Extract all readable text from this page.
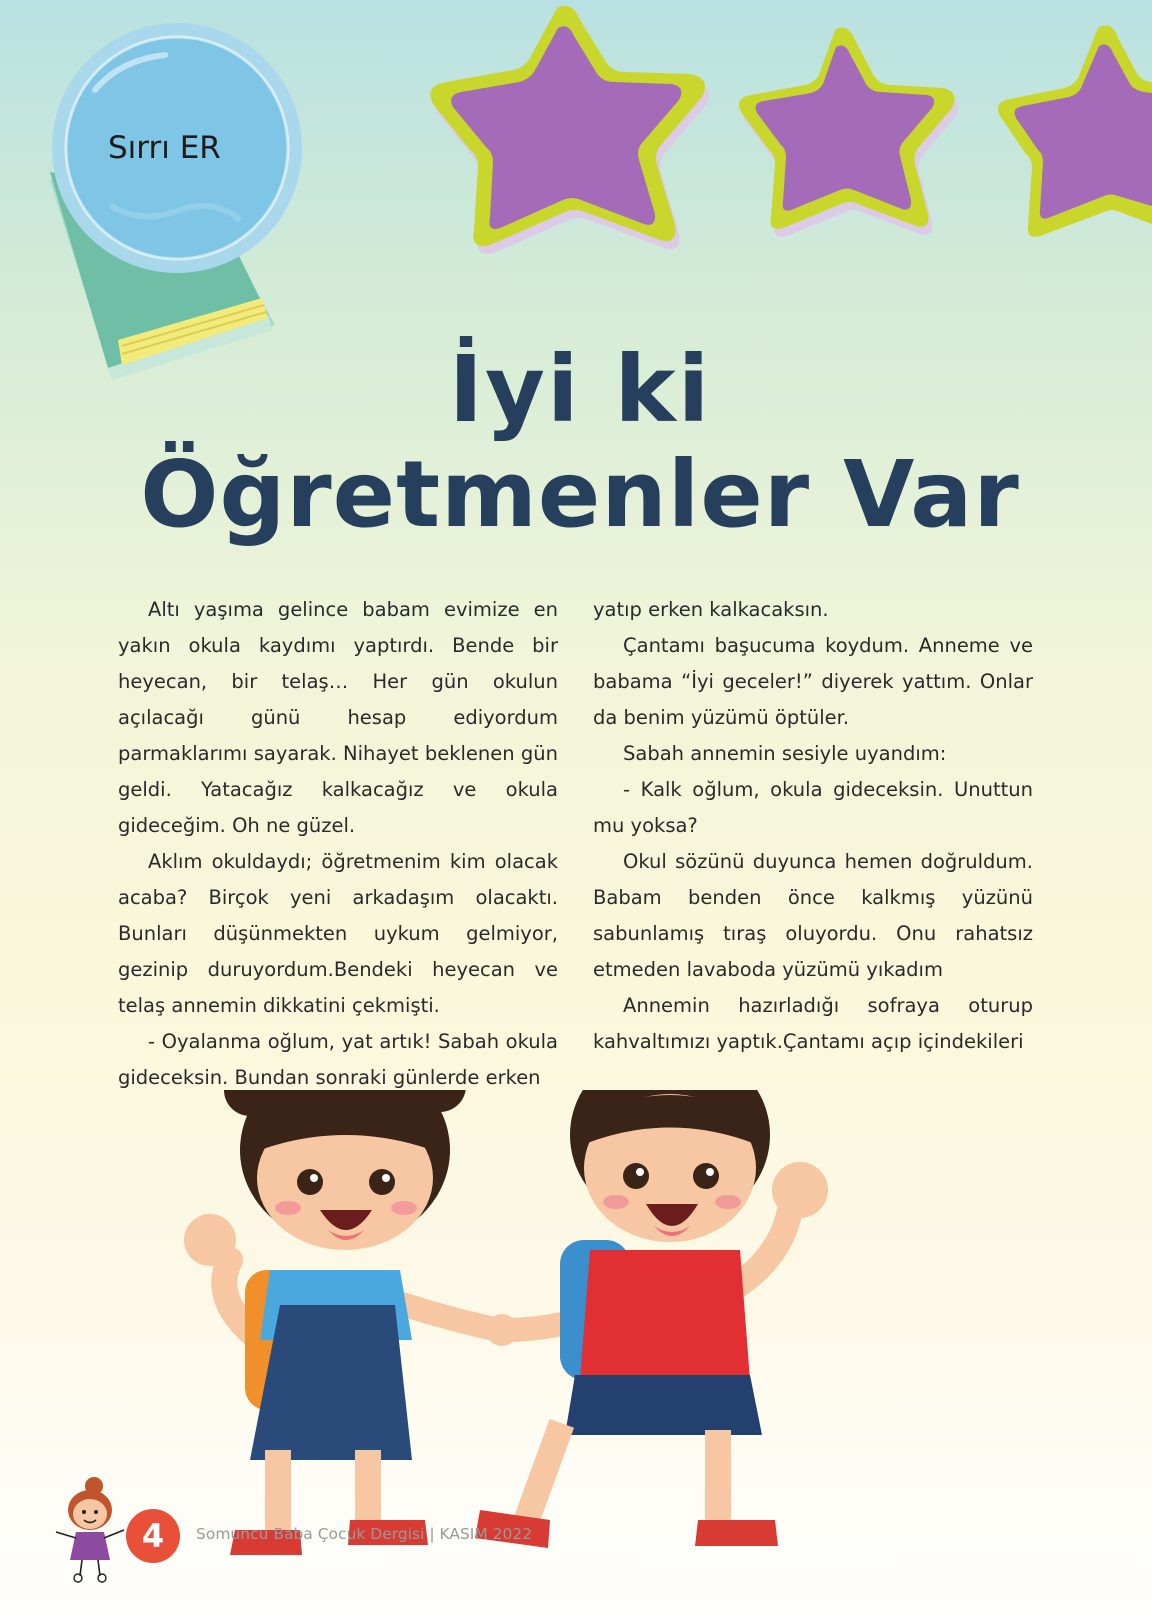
Sırrı ER
İyi ki
Öğretmenler Var

Altı yaşıma gelince babam evimize en yakın okula kaydımı yaptırdı. Bende bir heyecan, bir telaş… Her gün okulun açılacağı günü hesap ediyordum parmaklarımı sayarak. Nihayet beklenen gün geldi. Yatacağız kalkacağız ve okula gideceğim. Oh ne güzel.

Aklım okuldaydı; öğretmenim kim olacak acaba? Birçok yeni arkadaşım olacaktı. Bunları düşünmekten uykum gelmiyor, gezinip duruyordum.Bendeki heyecan ve telaş annemin dikkatini çekmişti.

- Oyalanma oğlum, yat artık! Sabah okula gideceksin. Bundan sonraki günlerde erken

yatıp erken kalkacaksın.

Çantamı başucuma koydum. Anneme ve babama “İyi geceler!” diyerek yattım. Onlar da benim yüzümü öptüler.

Sabah annemin sesiyle uyandım:

- Kalk oğlum, okula gideceksin. Unuttun mu yoksa?

Okul sözünü duyunca hemen doğruldum. Babam benden önce kalkmış yüzünü sabunlamış tıraş oluyordu. Onu rahatsız etmeden lavaboda yüzümü yıkadım

Annemin hazırladığı sofraya oturup kahvaltımızı yaptık.Çantamı açıp içindekileri

4	Somuncu Baba Çocuk Dergisi | KASIM 2022
